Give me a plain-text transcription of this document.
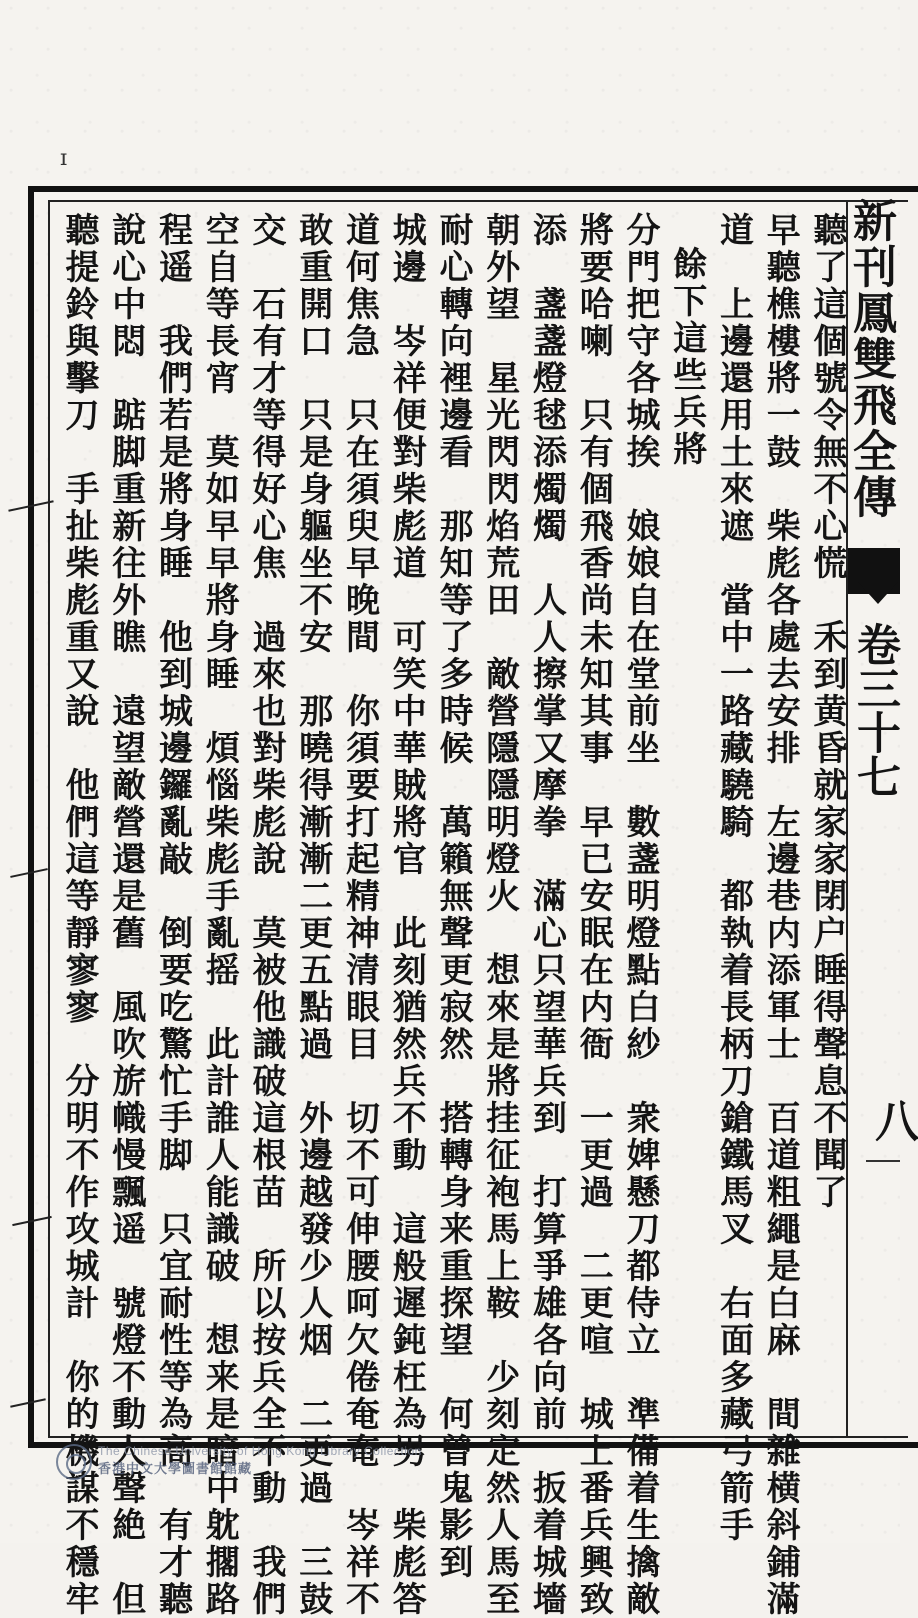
ɪ
新刊鳳雙飛全傳
卷三十七
八
聽了這個號令無不心慌　禾到黄昏就家家閉户睡得聲息不聞了
早聽樵樓將一鼓　柴彪各處去安排　左邊巷内添軍士　百道粗繩是白麻　間雜横斜鋪滿
道　上邊還用土來遮　當中一路藏驍騎　都執着長柄刀鎗鐵馬叉　右面多藏弓箭手
餘下這些兵將
分門把守各城挨　娘娘自在堂前坐　數盞明燈點白紗　衆婢懸刀都侍立　準備着生擒敵
將要哈喇　只有個飛香尚未知其事　早已安眠在内衙　一更過　二更喧　城上番兵興致
添　盞盞燈毬添燭燭　人人擦掌又摩拳　滿心只望華兵到　打算爭雄各向前　扳着城墻
朝外望　星光閃閃焰荒田　敵營隱隱明燈火　想來是將挂征袍馬上鞍　少刻定然人馬至
耐心轉向裡邊看　那知等了多時候　萬籟無聲更寂然　搭轉身来重探望　何曾鬼影到
城邊　岑祥便對柴彪道　可笑中華賊將官　此刻猶然兵不動　這般遲鈍枉為男　柴彪答
道何焦急　只在須臾早晚間　你須要打起精神清眼目　切不可伸腰呵欠倦奄奄　岑祥不
敢重開口　只是身軀坐不安　那曉得漸漸二更五點過　外邊越發少人烟　二更過　三鼓
交　石有才等得好心焦　過來也對柴彪說　莫被他識破這根苗　所以按兵全不動　我們
空自等長宵　莫如早早將身睡　煩惱柴彪手亂摇　此計誰人能識破　想来是暗中躭擱路
程遥　我們若是將身睡　他到城邊鑼亂敲　倒要吃驚忙手脚　只宜耐性等為高　有才聽
說心中悶　踮脚重新往外瞧　遠望敵營還是舊　風吹旂幟慢飄遥　號燈不動人聲絶　但
聽提鈴與擊刀　手扯柴彪重又說　他們這等靜寥寥　分明不作攻城計　你的機謀不穩牢 The Chinese University of Hong Kong Library Collection
香港中文大學圖書館館藏
